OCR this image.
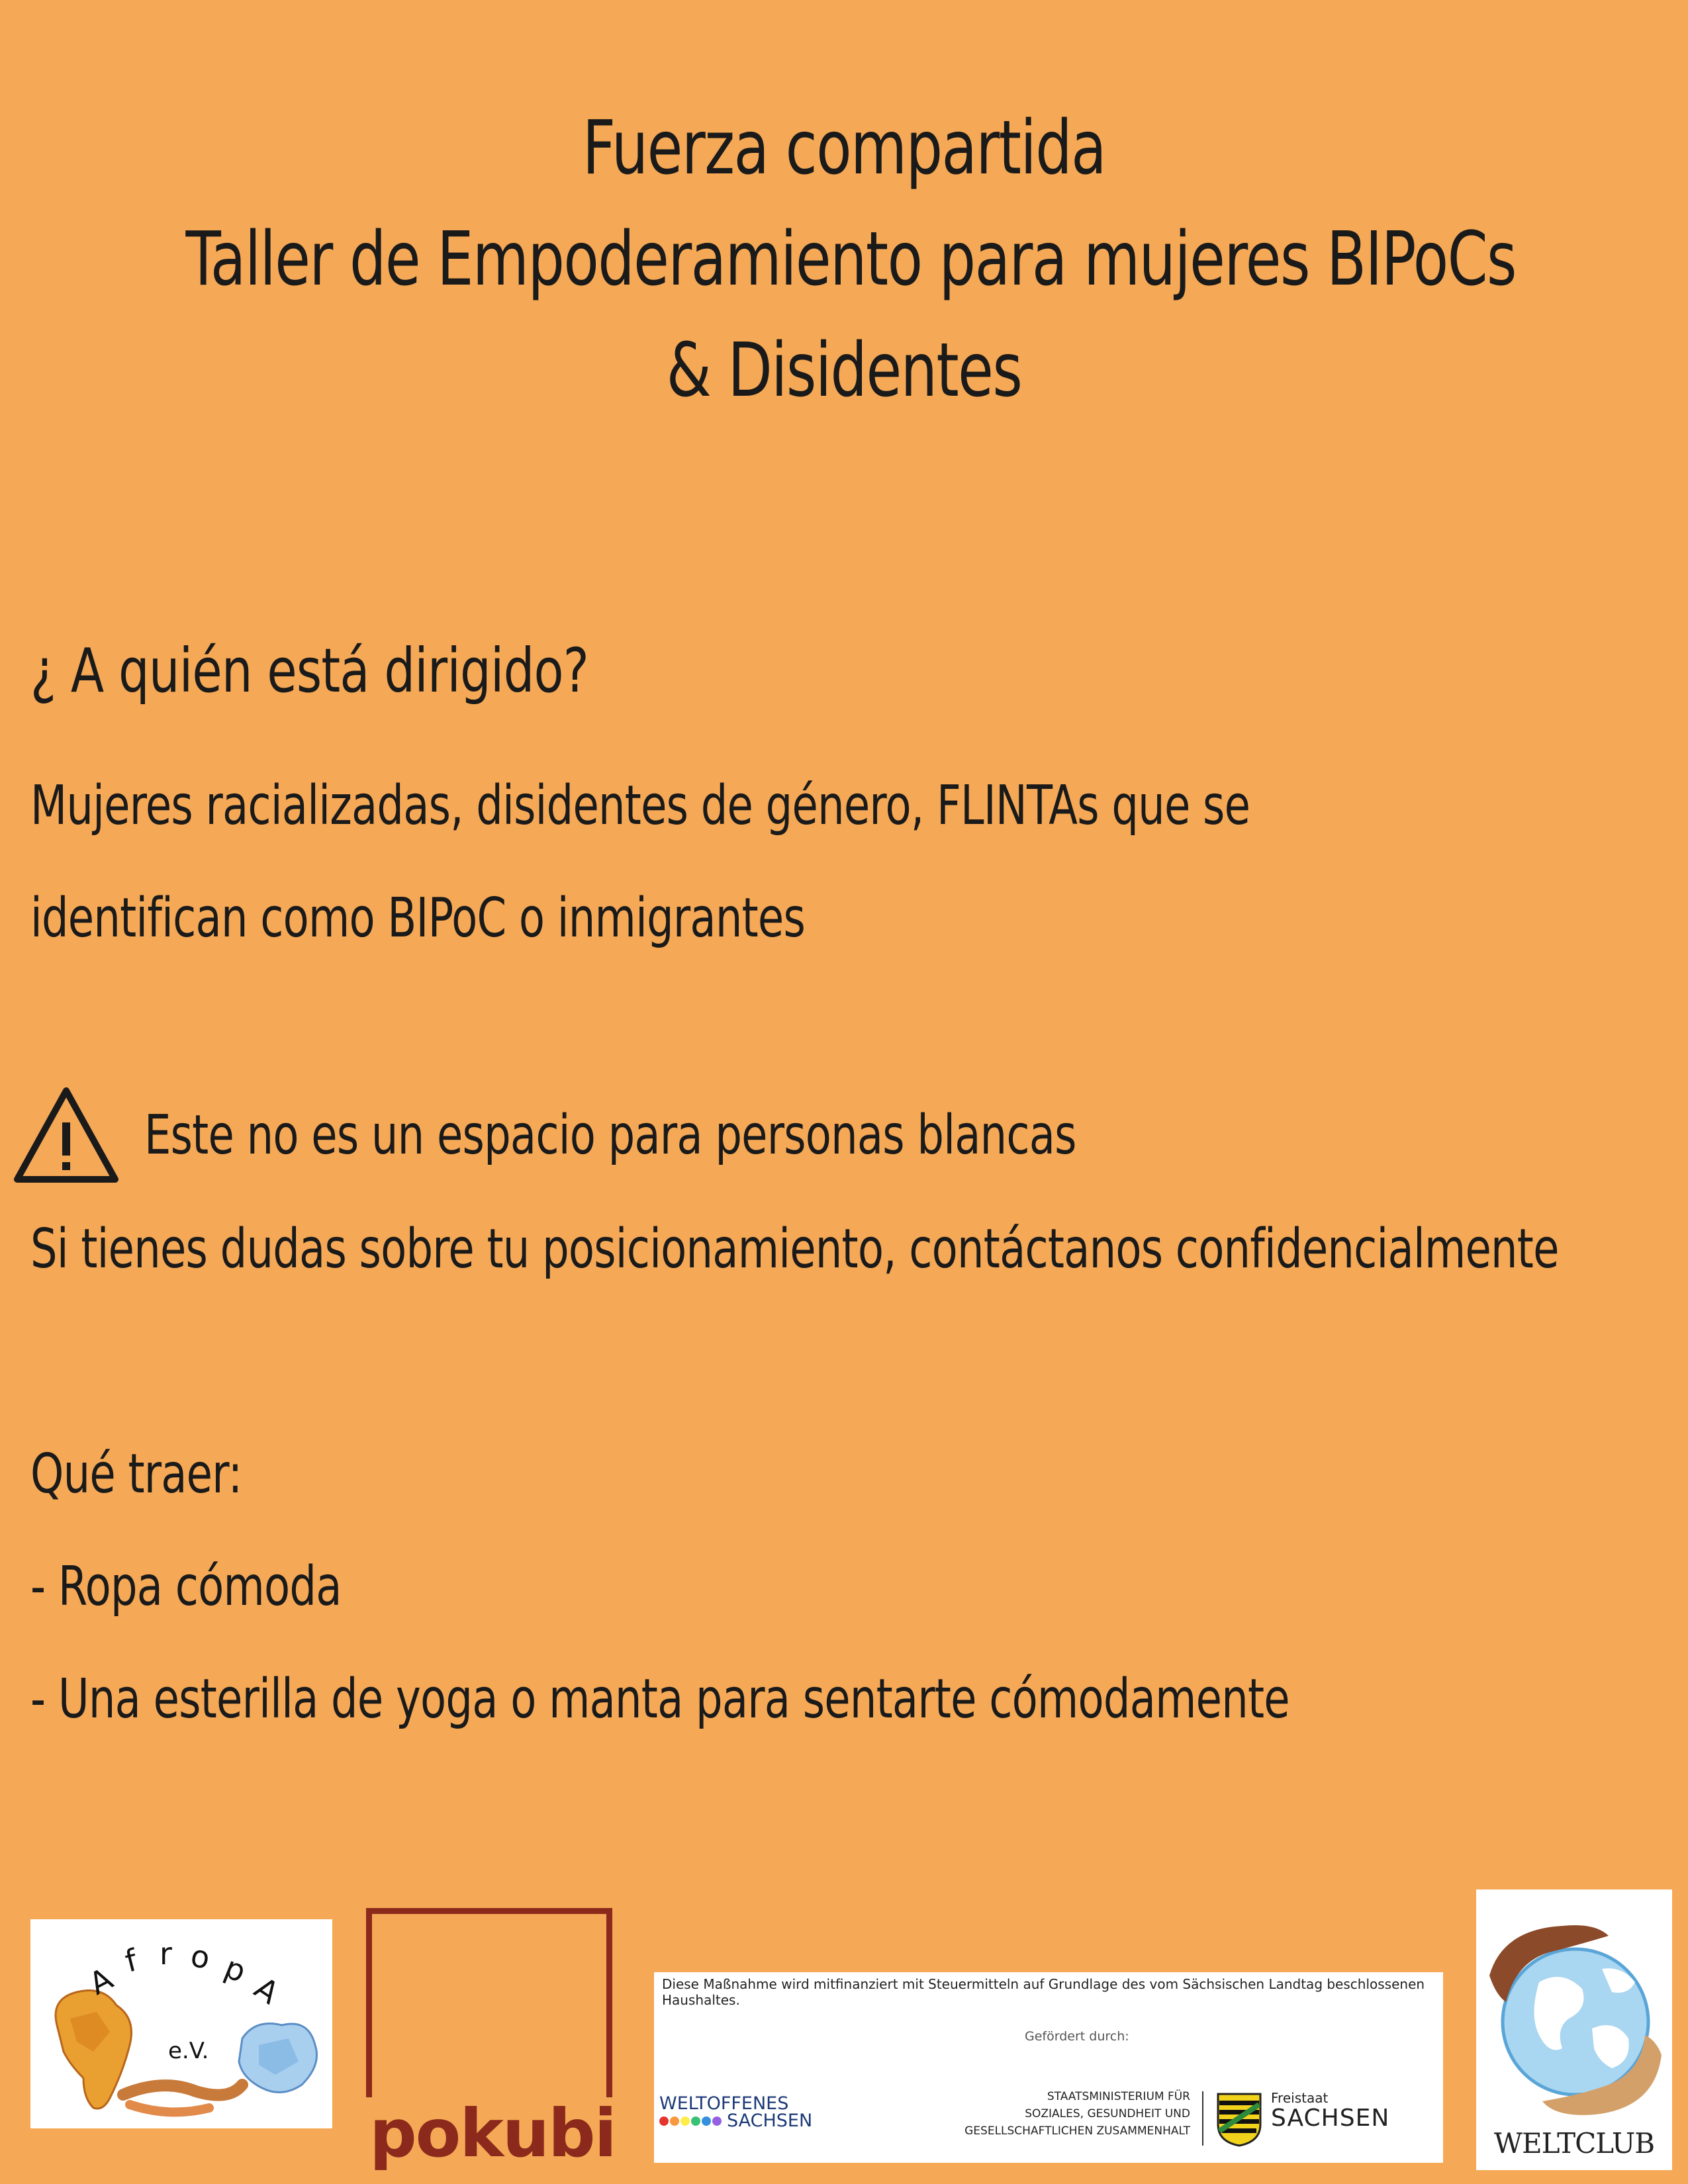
Fuerza compartida
Taller de Empoderamiento para mujeres BIPoCs
& Disidentes
¿ A quién está dirigido?
Mujeres racializadas, disidentes de género, FLINTAs que se
identifican como BIPoC o inmigrantes
Si tienes dudas sobre tu posicionamiento, contáctanos confidencialmente
Qué traer:
- Ropa cómoda
- Una esterilla de yoga o manta para sentarte cómodamente
Este no es un espacio para personas blancas
A f r o p
A
e.V.
pokubi
Diese Maßnahme wird mitfinanziert mit Steuermitteln auf Grundlage des vom Sächsischen Landtag beschlossenen Haushaltes.
Gefördert durch:
WELTOFFENES
SACHSEN
STAATSMINISTERIUM FÜR
SOZIALES, GESUNDHEIT UND
GESELLSCHAFTLICHEN ZUSAMMENHALT
Freistaat
SACHSEN
WELTCLUB
